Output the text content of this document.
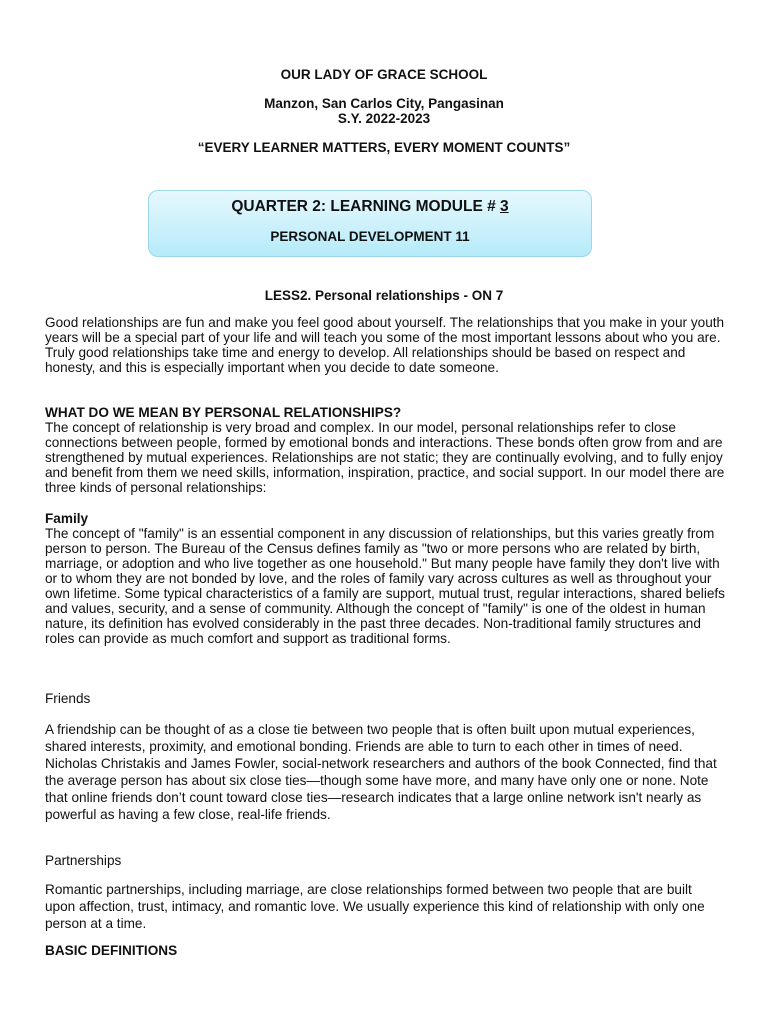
OUR LADY OF GRACE SCHOOL
Manzon, San Carlos City, Pangasinan
S.Y. 2022-2023
“EVERY LEARNER MATTERS, EVERY MOMENT COUNTS”
QUARTER 2: LEARNING MODULE # 3
PERSONAL DEVELOPMENT 11
LESS2. Personal relationships - ON 7

Good relationships are fun and make you feel good about yourself. The relationships that you make in your youth years will be a special part of your life and will teach you some of the most important lessons about who you are. Truly good relationships take time and energy to develop. All relationships should be based on respect and honesty, and this is especially important when you decide to date someone.

WHAT DO WE MEAN BY PERSONAL RELATIONSHIPS?

The concept of relationship is very broad and complex. In our model, personal relationships refer to close connections between people, formed by emotional bonds and interactions. These bonds often grow from and are strengthened by mutual experiences. Relationships are not static; they are continually evolving, and to fully enjoy and benefit from them we need skills, information, inspiration, practice, and social support. In our model there are three kinds of personal relationships:

Family

The concept of "family" is an essential component in any discussion of relationships, but this varies greatly from person to person. The Bureau of the Census defines family as "two or more persons who are related by birth, marriage, or adoption and who live together as one household." But many people have family they don't live with or to whom they are not bonded by love, and the roles of family vary across cultures as well as throughout your own lifetime. Some typical characteristics of a family are support, mutual trust, regular interactions, shared beliefs and values, security, and a sense of community. Although the concept of "family" is one of the oldest in human nature, its definition has evolved considerably in the past three decades. Non-traditional family structures and roles can provide as much comfort and support as traditional forms.

Friends
A friendship can be thought of as a close tie between two people that is often built upon mutual experiences, shared interests, proximity, and emotional bonding. Friends are able to turn to each other in times of need. Nicholas Christakis and James Fowler, social-network researchers and authors of the book Connected, find that the average person has about six close ties—though some have more, and many have only one or none. Note that online friends don’t count toward close ties—research indicates that a large online network isn't nearly as powerful as having a few close, real-life friends.
Partnerships
Romantic partnerships, including marriage, are close relationships formed between two people that are built upon affection, trust, intimacy, and romantic love. We usually experience this kind of relationship with only one person at a time.
BASIC DEFINITIONS
